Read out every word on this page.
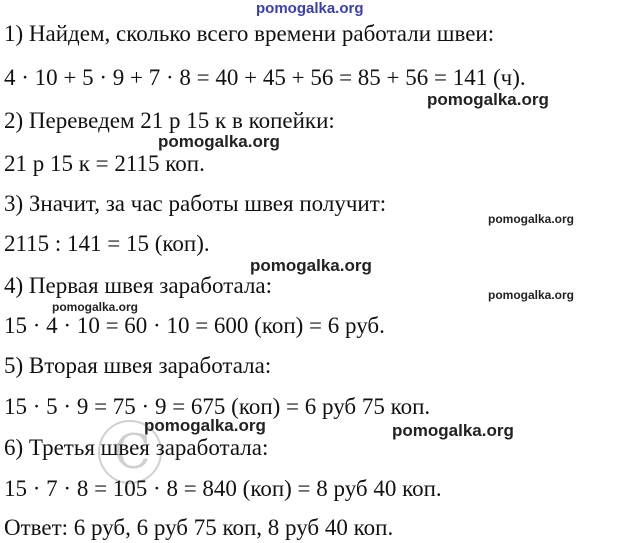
pomogalka.org
1) Найдем, сколько всего времени работали швеи:
4 · 10 + 5 · 9 + 7 · 8 = 40 + 45 + 56 = 85 + 56 = 141 (ч).
pomogalka.org
2) Переведем 21 р 15 к в копейки:
pomogalka.org
21 р 15 к = 2115 коп.
3) Значит, за час работы швея получит:
pomogalka.org
2115 : 141 = 15 (коп).
pomogalka.org
4) Первая швея заработала:	pomogalka.org
pomogalka.org
15 · 4 · 10 = 60 · 10 = 600 (коп) = 6 руб.
5) Вторая швея заработала:
15 · 5 · 9 = 75 · 9 = 675 (коп) = 6 руб 75 коп.
C
pomogalka.org	pomogalka.org
6) Третья швея заработала:
15 · 7 · 8 = 105 · 8 = 840 (коп) = 8 руб 40 коп.
Ответ: 6 руб, 6 руб 75 коп, 8 руб 40 коп.
